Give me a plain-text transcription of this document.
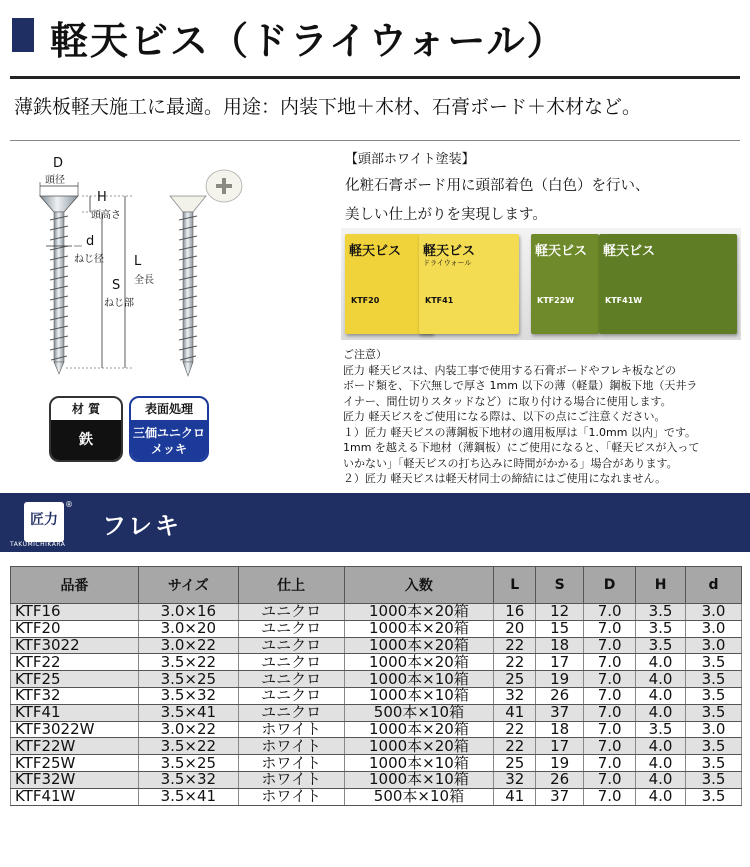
軽天ビス（ドライウォール）
薄鉄板軽天施工に最適。用途：内装下地＋木材、石膏ボード＋木材など。
D
頭径
H
頭高さ
d
ねじ径
S
ねじ部
L
全長
材 質
鉄
表面処理
三価ユニクロ
メッキ
【頭部ホワイト塗装】
化粧石膏ボード用に頭部着色（白色）を行い、
美しい仕上がりを実現します。
軽天ビス
KTF20
軽天ビス
ドライウォール
KTF41
軽天ビス
KTF22W
軽天ビス
KTF41W
ご注意）
匠力 軽天ビスは、内装工事で使用する石膏ボードやフレキ板などの
ボード類を、下穴無しで厚さ 1mm 以下の薄（軽量）鋼板下地（天井ラ
イナー、間仕切りスタッドなど）に取り付ける場合に使用します。
匠力 軽天ビスをご使用になる際は、以下の点にご注意ください。
１）匠力 軽天ビスの薄鋼板下地材の適用板厚は「1.0mm 以内」です。
1mm を越える下地材（薄鋼板）にご使用になると、「軽天ビスが入って
いかない」「軽天ビスの打ち込みに時間がかかる」場合があります。
２）匠力 軽天ビスは軽天材同士の締結にはご使用になれません。
匠力
®
TAKUMICHIKARA
フレキ
品番	サイズ	仕上	入数	L	S	D	H	d
KTF16	3.0×16	ユニクロ	1000本×20箱	16	12	7.0	3.5	3.0
KTF20	3.0×20	ユニクロ	1000本×20箱	20	15	7.0	3.5	3.0
KTF3022	3.0×22	ユニクロ	1000本×20箱	22	18	7.0	3.5	3.0
KTF22	3.5×22	ユニクロ	1000本×20箱	22	17	7.0	4.0	3.5
KTF25	3.5×25	ユニクロ	1000本×10箱	25	19	7.0	4.0	3.5
KTF32	3.5×32	ユニクロ	1000本×10箱	32	26	7.0	4.0	3.5
KTF41	3.5×41	ユニクロ	500本×10箱	41	37	7.0	4.0	3.5
KTF3022W	3.0×22	ホワイト	1000本×20箱	22	18	7.0	3.5	3.0
KTF22W	3.5×22	ホワイト	1000本×20箱	22	17	7.0	4.0	3.5
KTF25W	3.5×25	ホワイト	1000本×10箱	25	19	7.0	4.0	3.5
KTF32W	3.5×32	ホワイト	1000本×10箱	32	26	7.0	4.0	3.5
KTF41W	3.5×41	ホワイト	500本×10箱	41	37	7.0	4.0	3.5
